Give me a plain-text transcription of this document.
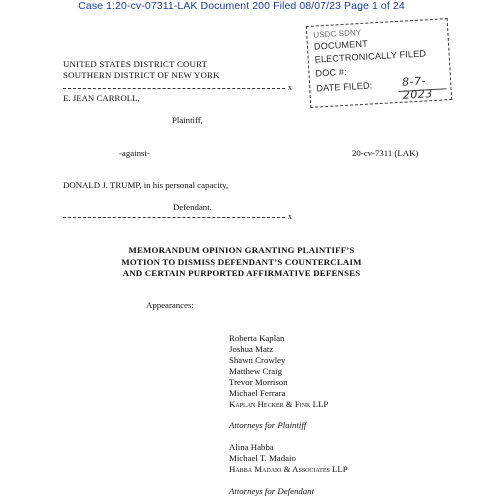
Case 1:20-cv-07311-LAK Document 200 Filed 08/07/23 Page 1 of 24
USDC SDNY
DOCUMENT
ELECTRONICALLY FILED
DOC #:
DATE FILED:	8-7-2023
UNITED STATES DISTRICT COURT
SOUTHERN DISTRICT OF NEW YORK
x
E. JEAN CARROLL,
Plaintiff,
-against-	20-cv-7311 (LAK)
DONALD J. TRUMP, in his personal capacity,
Defendant.
x
MEMORANDUM OPINION GRANTING PLAINTIFF’S
MOTION TO DISMISS DEFENDANT’S COUNTERCLAIM
AND CERTAIN PURPORTED AFFIRMATIVE DEFENSES
Appearances:
Roberta Kaplan
Joshua Matz
Shawn Crowley
Matthew Craig
Trevor Morrison
Michael Ferrara
Kaplan Hecker & Fink LLP
Attorneys for Plaintiff
Alina Habba
Michael T. Madaio
Habba Madaio & Associates LLP
Attorneys for Defendant
